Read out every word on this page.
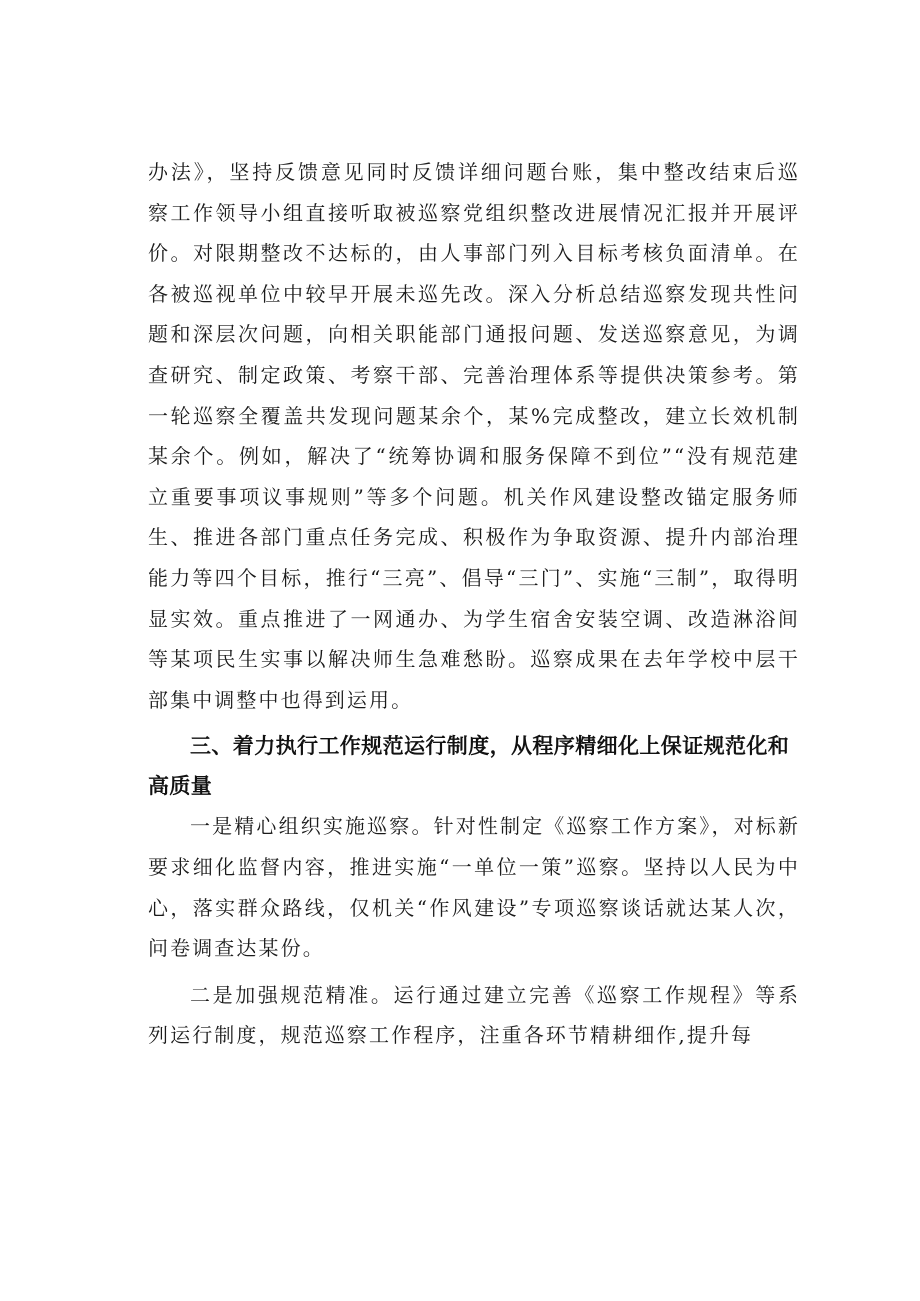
办法》，坚持反馈意见同时反馈详细问题台账，集中整改结束后巡察工作领导小组直接听取被巡察党组织整改进展情况汇报并开展评价。对限期整改不达标的，由人事部门列入目标考核负面清单。在各被巡视单位中较早开展未巡先改。深入分析总结巡察发现共性问题和深层次问题，向相关职能部门通报问题、发送巡察意见，为调查研究、制定政策、考察干部、完善治理体系等提供决策参考。第一轮巡察全覆盖共发现问题某余个，某%完成整改，建立长效机制某余个。例如，解决了“统筹协调和服务保障不到位”“没有规范建立重要事项议事规则”等多个问题。机关作风建设整改锚定服务师生、推进各部门重点任务完成、积极作为争取资源、提升内部治理能力等四个目标，推行“三亮”、倡导“三门”、实施“三制”，取得明显实效。重点推进了一网通办、为学生宿舍安装空调、改造淋浴间等某项民生实事以解决师生急难愁盼。巡察成果在去年学校中层干部集中调整中也得到运用。

三、着力执行工作规范运行制度，从程序精细化上保证规范化和高质量

一是精心组织实施巡察。针对性制定《巡察工作方案》，对标新要求细化监督内容，推进实施“一单位一策”巡察。坚持以人民为中心，落实群众路线，仅机关“作风建设”专项巡察谈话就达某人次，问卷调查达某份。

二是加强规范精准。运行通过建立完善《巡察工作规程》等系列运行制度，规范巡察工作程序，注重各环节精耕细作,提升每
